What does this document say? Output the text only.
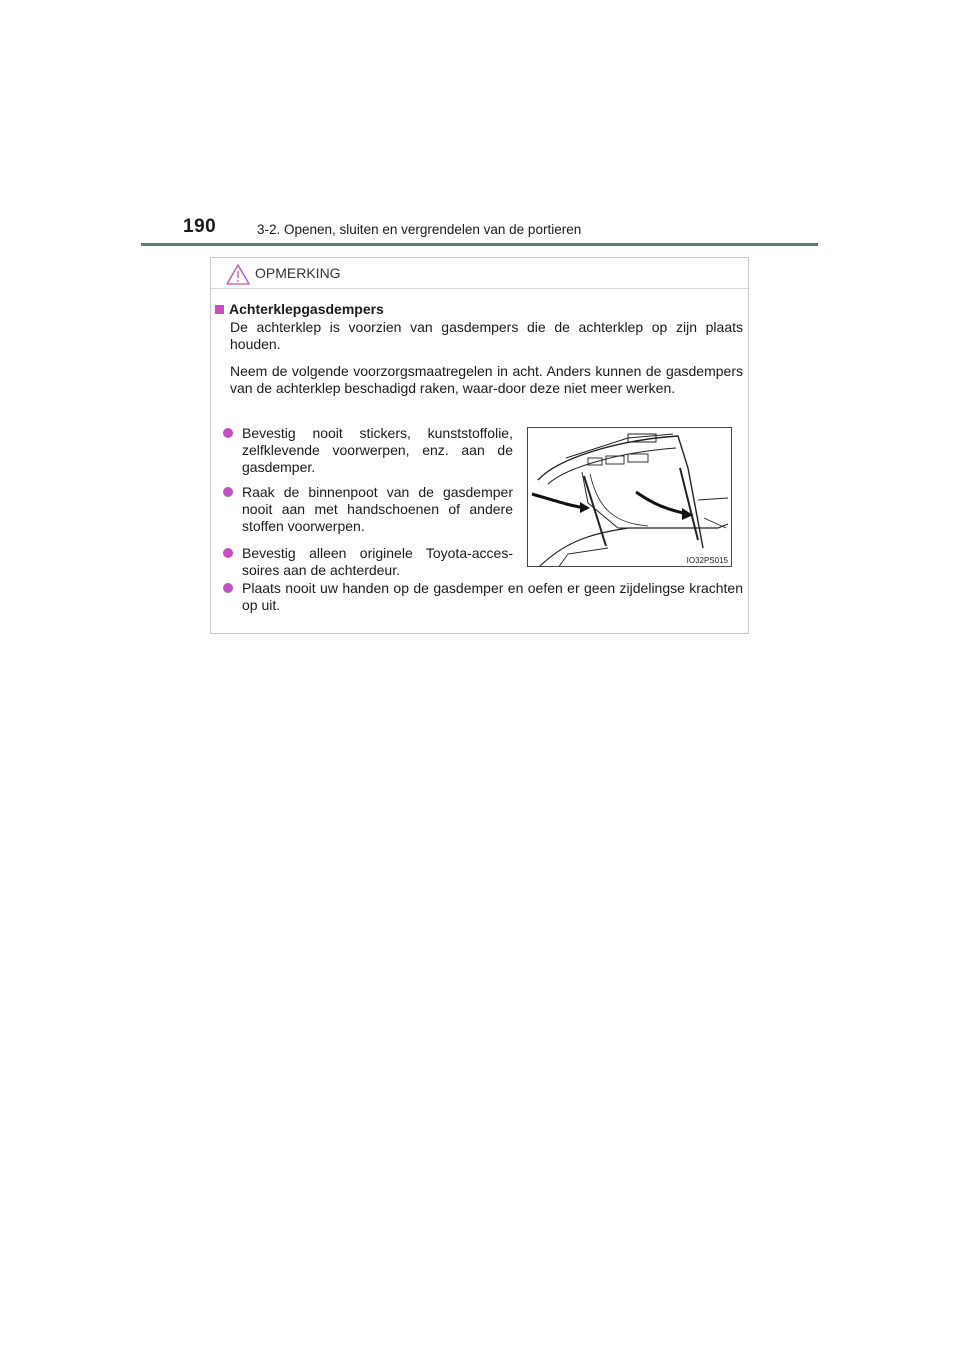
190	3-2. Openen, sluiten en vergrendelen van de portieren
OPMERKING
Achterklepgasdempers
De achterklep is voorzien van gasdempers die de achterklep op zijn plaats houden.
Neem de volgende voorzorgsmaatregelen in acht. Anders kunnen de gasdempers van de achterklep beschadigd raken, waar-door deze niet meer werken.
Bevestig nooit stickers, kunststoffolie, zelfklevende voorwerpen, enz. aan de gasdemper.
Raak de binnenpoot van de gasdemper nooit aan met handschoenen of andere stoffen voorwerpen.
Bevestig alleen originele Toyota-acces-soires aan de achterdeur.
Plaats nooit uw handen op de gasdemper en oefen er geen zijdelingse krachten op uit.
IO32PS015
